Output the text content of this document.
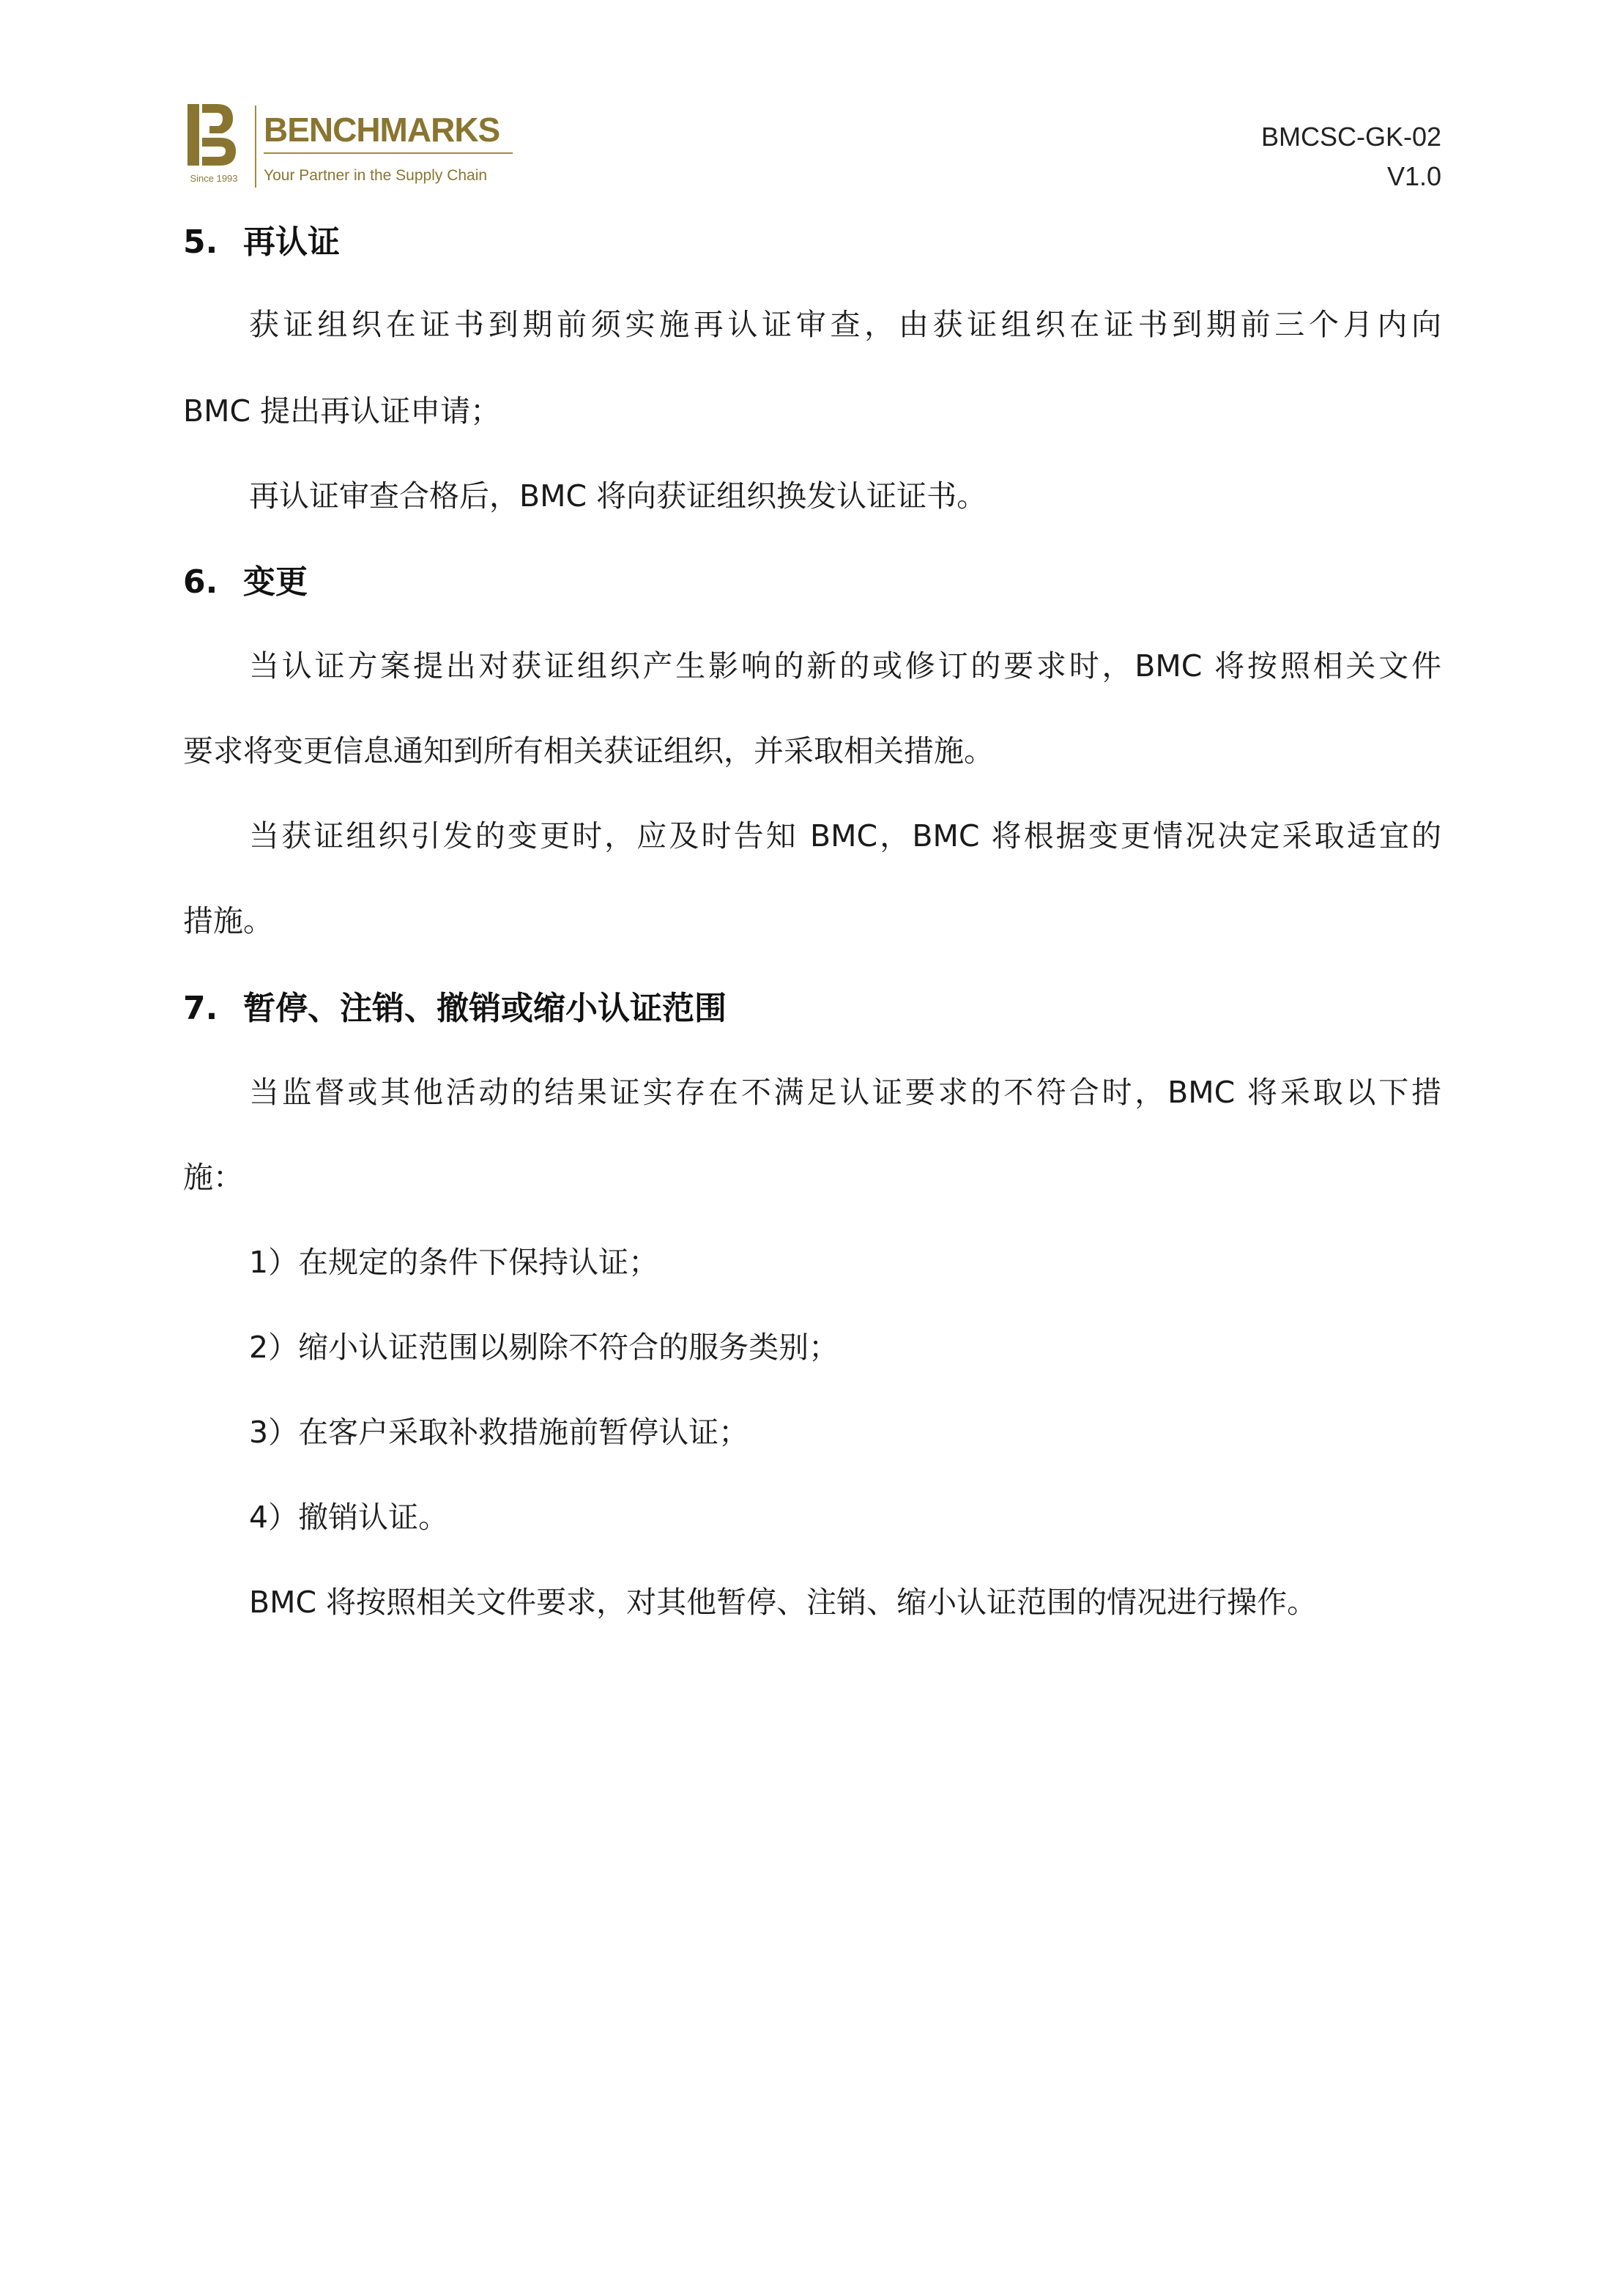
Since 1993
BENCHMARKS
Your Partner in the Supply Chain
BMCSC-GK-02
V1.0
5. 再认证
获证组织在证书到期前须实施再认证审查，由获证组织在证书到期前三个月内向
BMC 提出再认证申请；
再认证审查合格后，BMC 将向获证组织换发认证证书。
6. 变更
当认证方案提出对获证组织产生影响的新的或修订的要求时，BMC 将按照相关文件
要求将变更信息通知到所有相关获证组织，并采取相关措施。
当获证组织引发的变更时，应及时告知 BMC，BMC 将根据变更情况决定采取适宜的
措施。
7. 暂停、注销、撤销或缩小认证范围
当监督或其他活动的结果证实存在不满足认证要求的不符合时，BMC 将采取以下措
施：
1）在规定的条件下保持认证；
2）缩小认证范围以剔除不符合的服务类别；
3）在客户采取补救措施前暂停认证；
4）撤销认证。
BMC 将按照相关文件要求，对其他暂停、注销、缩小认证范围的情况进行操作。
